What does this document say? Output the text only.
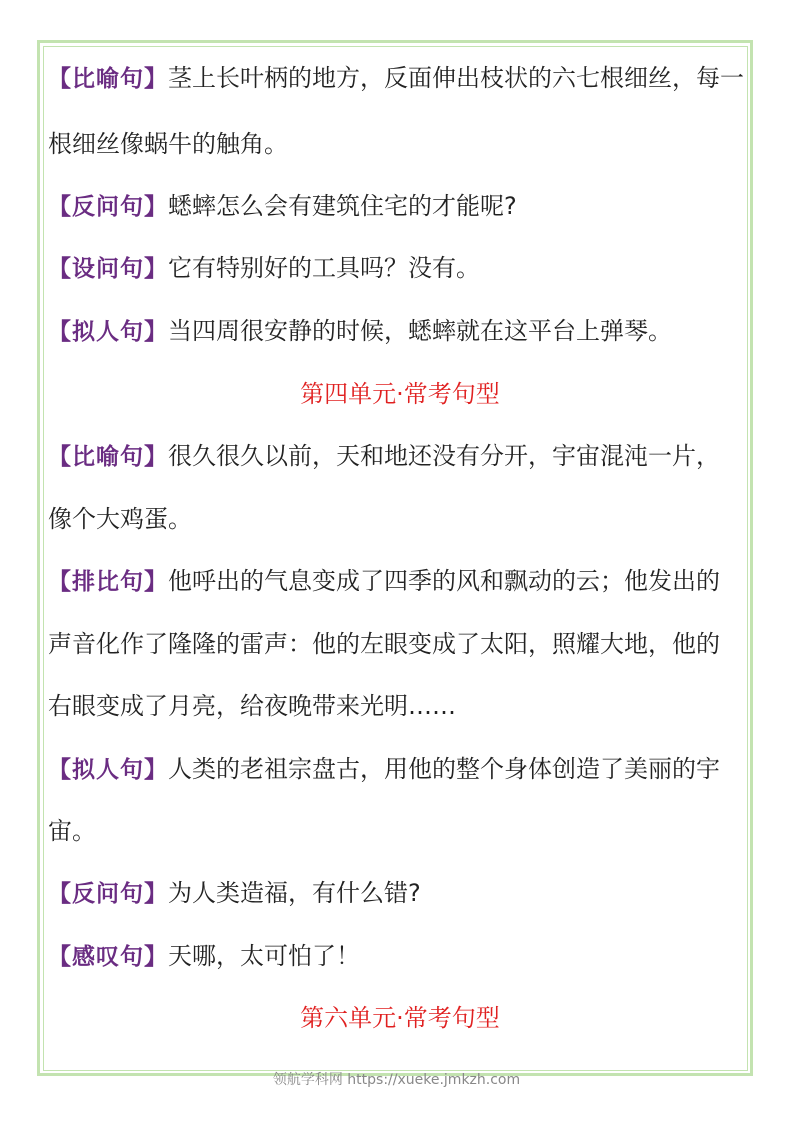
【比喻句】茎上长叶柄的地方，反面伸出枝状的六七根细丝，每一
根细丝像蜗牛的触角。
【反问句】蟋蟀怎么会有建筑住宅的才能呢?
【设问句】它有特别好的工具吗？没有。
【拟人句】当四周很安静的时候，蟋蟀就在这平台上弹琴。
第四单元·常考句型
【比喻句】很久很久以前，天和地还没有分开，宇宙混沌一片，
像个大鸡蛋。
【排比句】他呼出的气息变成了四季的风和飘动的云；他发出的
声音化作了隆隆的雷声：他的左眼变成了太阳，照耀大地，他的
右眼变成了月亮，给夜晚带来光明……
【拟人句】人类的老祖宗盘古，用他的整个身体创造了美丽的宇
宙。
【反问句】为人类造福，有什么错?
【感叹句】天哪，太可怕了！
第六单元·常考句型
领航学科网 https://xueke.jmkzh.com
